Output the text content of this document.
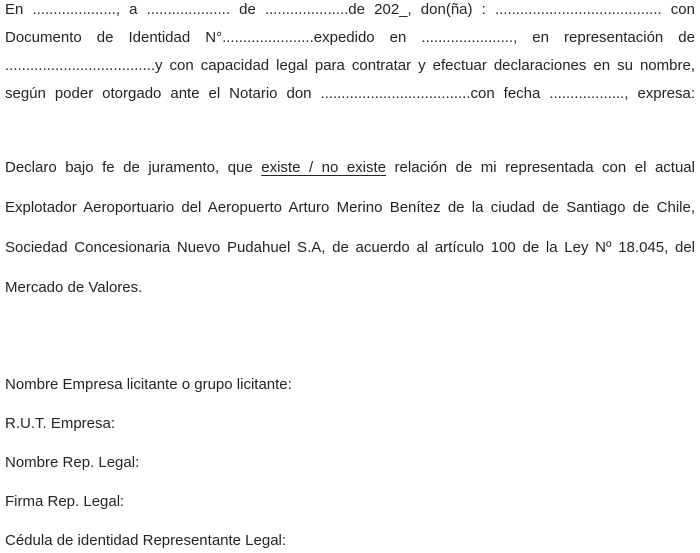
En ...................., a .................... de ....................de 202_, don(ña) : ........................................ con
Documento de Identidad N°......................expedido en ......................, en representación de
....................................y con capacidad legal para contratar y efectuar declaraciones en su nombre,
según poder otorgado ante el Notario don ....................................con fecha .................., expresa:
Declaro bajo fe de juramento, que existe / no existe relación de mi representada con el actual
Explotador Aeroportuario del Aeropuerto Arturo Merino Benítez de la ciudad de Santiago de Chile,
Sociedad Concesionaria Nuevo Pudahuel S.A, de acuerdo al artículo 100 de la Ley Nº 18.045, del
Mercado de Valores.
Nombre Empresa licitante o grupo licitante:
R.U.T. Empresa:
Nombre Rep. Legal:
Firma Rep. Legal:
Cédula de identidad Representante Legal:
